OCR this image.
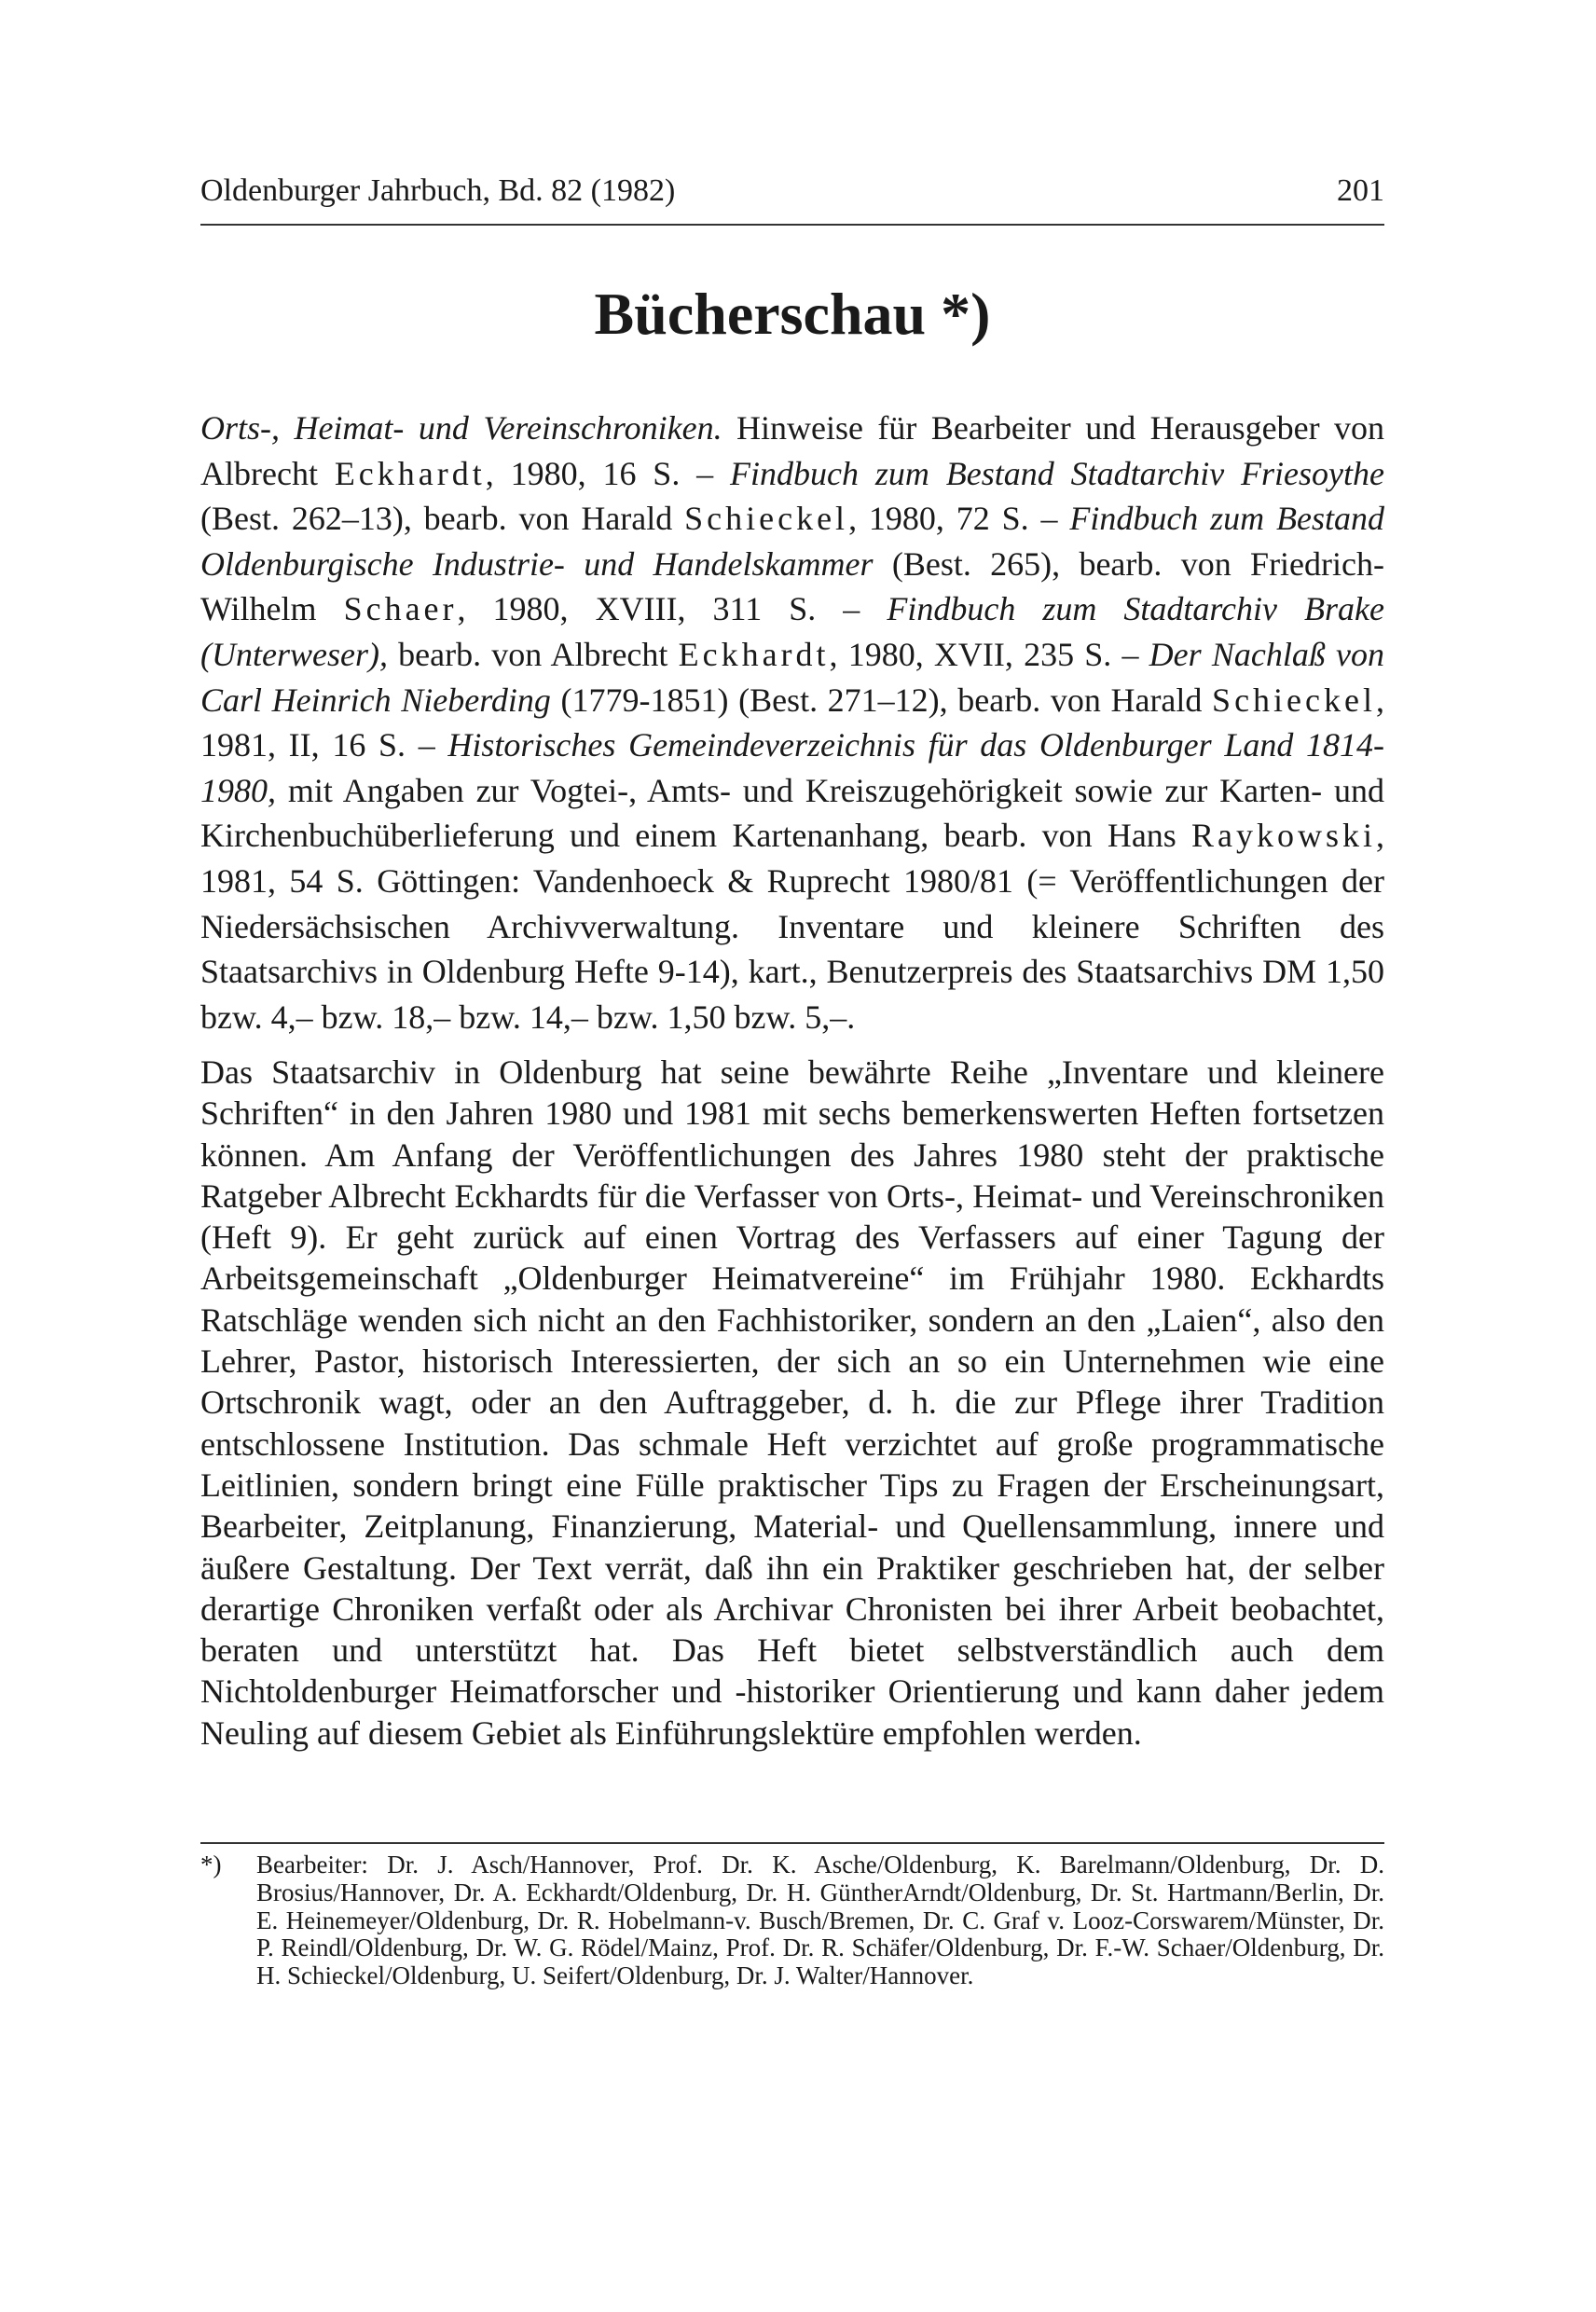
Oldenburger Jahrbuch, Bd. 82 (1982)	201
Bücherschau *)

Orts-, Heimat- und Vereinschroniken. Hinweise für Bearbeiter und Herausgeber von Albrecht Eckhardt, 1980, 16 S. – Findbuch zum Bestand Stadtarchiv Friesoythe (Best. 262–13), bearb. von Harald Schieckel, 1980, 72 S. – Findbuch zum Bestand Oldenburgische Industrie- und Handelskammer (Best. 265), bearb. von Friedrich-Wilhelm Schaer, 1980, XVIII, 311 S. – Findbuch zum Stadtarchiv Brake (Unterweser), bearb. von Albrecht Eckhardt, 1980, XVII, 235 S. – Der Nachlaß von Carl Heinrich Nieberding (1779-1851) (Best. 271–12), bearb. von Harald Schieckel, 1981, II, 16 S. – Historisches Gemeindeverzeichnis für das Oldenburger Land 1814-1980, mit Angaben zur Vogtei-, Amts- und Kreiszugehörigkeit sowie zur Karten- und Kirchenbuchüberlieferung und einem Kartenanhang, bearb. von Hans Raykowski, 1981, 54 S. Göttingen: Vandenhoeck & Ruprecht 1980/81 (= Veröffentlichungen der Niedersächsischen Archivverwaltung. Inventare und kleinere Schriften des Staatsarchivs in Oldenburg Hefte 9-14), kart., Benutzerpreis des Staatsarchivs DM 1,50 bzw. 4,– bzw. 18,– bzw. 14,– bzw. 1,50 bzw. 5,–.

Das Staatsarchiv in Oldenburg hat seine bewährte Reihe „Inventare und kleinere Schriften“ in den Jahren 1980 und 1981 mit sechs bemerkenswerten Heften fortsetzen können. Am Anfang der Veröffentlichungen des Jahres 1980 steht der praktische Ratgeber Albrecht Eckhardts für die Verfasser von Orts-, Heimat- und Vereinschroniken (Heft 9). Er geht zurück auf einen Vortrag des Verfassers auf einer Tagung der Arbeitsgemeinschaft „Oldenburger Heimatvereine“ im Frühjahr 1980. Eckhardts Ratschläge wenden sich nicht an den Fachhistoriker, sondern an den „Laien“, also den Lehrer, Pastor, historisch Interessierten, der sich an so ein Unternehmen wie eine Ortschronik wagt, oder an den Auftraggeber, d. h. die zur Pflege ihrer Tradition entschlossene Institution. Das schmale Heft verzichtet auf große programmatische Leitlinien, sondern bringt eine Fülle praktischer Tips zu Fragen der Erscheinungsart, Bearbeiter, Zeitplanung, Finanzierung, Material- und Quellensammlung, innere und äußere Gestaltung. Der Text verrät, daß ihn ein Praktiker geschrieben hat, der selber derartige Chroniken verfaßt oder als Archivar Chronisten bei ihrer Arbeit beobachtet, beraten und unterstützt hat. Das Heft bietet selbstverständlich auch dem Nichtoldenburger Heimatforscher und -historiker Orientierung und kann daher jedem Neuling auf diesem Gebiet als Einführungslektüre empfohlen werden.

*)	Bearbeiter: Dr. J. Asch/Hannover, Prof. Dr. K. Asche/Oldenburg, K. Barelmann/Oldenburg, Dr. D. Brosius/Hannover, Dr. A. Eckhardt/Oldenburg, Dr. H. GüntherArndt/Oldenburg, Dr. St. Hartmann/Berlin, Dr. E. Heinemeyer/Oldenburg, Dr. R. Hobelmann-v. Busch/Bremen, Dr. C. Graf v. Looz-Corswarem/Münster, Dr. P. Reindl/Oldenburg, Dr. W. G. Rödel/Mainz, Prof. Dr. R. Schäfer/Oldenburg, Dr. F.-W. Schaer/Oldenburg, Dr. H. Schieckel/Oldenburg, U. Seifert/Oldenburg, Dr. J. Walter/Hannover.
